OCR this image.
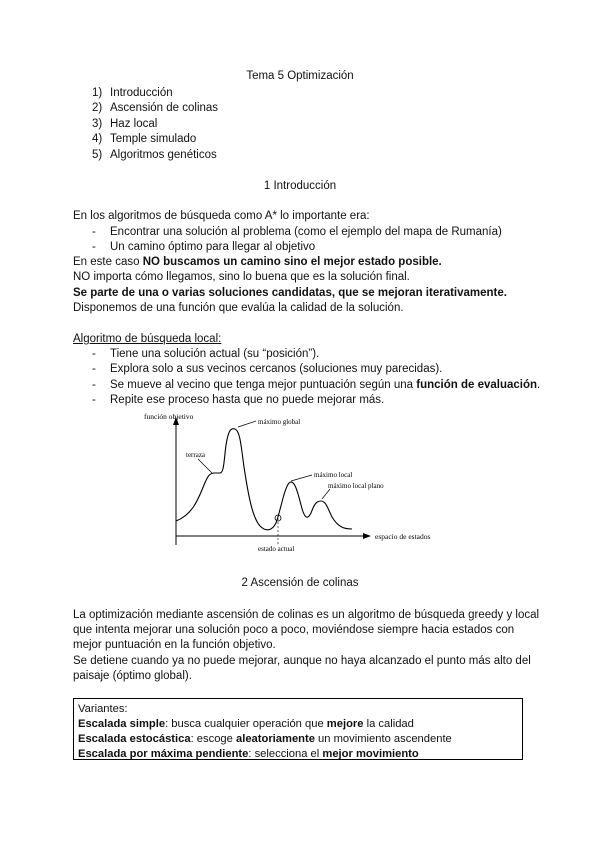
Tema 5 Optimización
1) Introducción
2) Ascensión de colinas
3) Haz local
4) Temple simulado
5) Algoritmos genéticos
1 Introducción
En los algoritmos de búsqueda como A* lo importante era:
- Encontrar una solución al problema (como el ejemplo del mapa de Rumanía)
- Un camino óptimo para llegar al objetivo
En este caso NO buscamos un camino sino el mejor estado posible.
NO importa cómo llegamos, sino lo buena que es la solución final.
Se parte de una o varias soluciones candidatas, que se mejoran iterativamente.
Disponemos de una función que evalúa la calidad de la solución.
Algoritmo de búsqueda local:
- Tiene una solución actual (su “posición”).
- Explora solo a sus vecinos cercanos (soluciones muy parecidas).
- Se mueve al vecino que tenga mejor puntuación según una función de evaluación.
- Repite ese proceso hasta que no puede mejorar más.
función objetivo
espacio de estados
terraza
máximo global
máximo local
máximo local plano
estado actual
2 Ascensión de colinas
La optimización mediante ascensión de colinas es un algoritmo de búsqueda greedy y local
que intenta mejorar una solución poco a poco, moviéndose siempre hacia estados con
mejor puntuación en la función objetivo.
Se detiene cuando ya no puede mejorar, aunque no haya alcanzado el punto más alto del
paisaje (óptimo global).
Variantes:
Escalada simple: busca cualquier operación que mejore la calidad
Escalada estocástica: escoge aleatoriamente un movimiento ascendente
Escalada por máxima pendiente: selecciona el mejor movimiento
